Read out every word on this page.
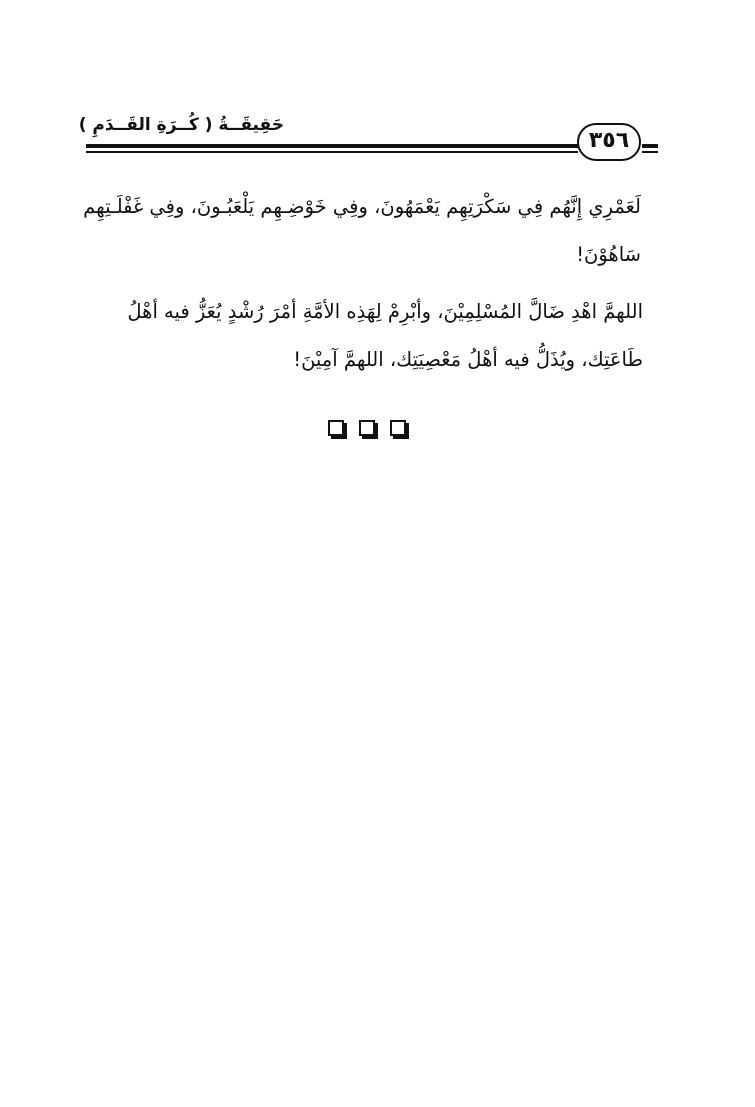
حَقِيقَــةُ ( كُــرَةِ القَــدَمِ )
٣٥٦
لَعَمْرِي إِنَّهُم فِي سَكْرَتِهِم يَعْمَهُونَ، وفِي خَوْضِـهِم يَلْعَبُـونَ، وفِي غَفْلَـتِهِم
سَاهُوْنَ!
اللهمَّ اهْدِ ضَالَّ المُسْلِمِيْنَ، وأبْرِمْ لِهَذِه الأمَّةِ أمْرَ رُشْدٍ يُعَزُّ فيه أهْلُ
طَاعَتِك، ويُذَلُّ فيه أهْلُ مَعْصِيَتِك، اللهمَّ آمِيْنَ!
